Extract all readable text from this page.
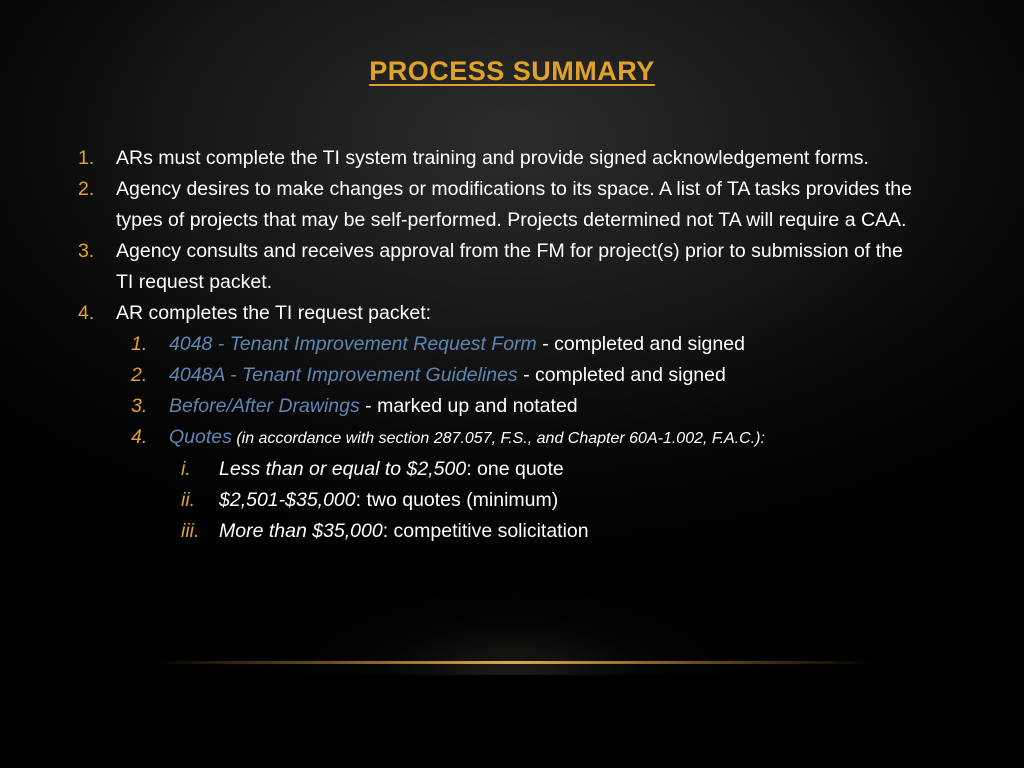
PROCESS SUMMARY
1. ARs must complete the TI system training and provide signed acknowledgement forms.
2. Agency desires to make changes or modifications to its space. A list of TA tasks provides the types of projects that may be self-performed. Projects determined not TA will require a CAA.
3. Agency consults and receives approval from the FM for project(s) prior to submission of the TI request packet.
4. AR completes the TI request packet:
1. 4048 - Tenant Improvement Request Form - completed and signed
2. 4048A - Tenant Improvement Guidelines - completed and signed
3. Before/After Drawings - marked up and notated
4. Quotes (in accordance with section 287.057, F.S., and Chapter 60A-1.002, F.A.C.):
i. Less than or equal to $2,500: one quote
ii. $2,501-$35,000: two quotes (minimum)
iii. More than $35,000: competitive solicitation
